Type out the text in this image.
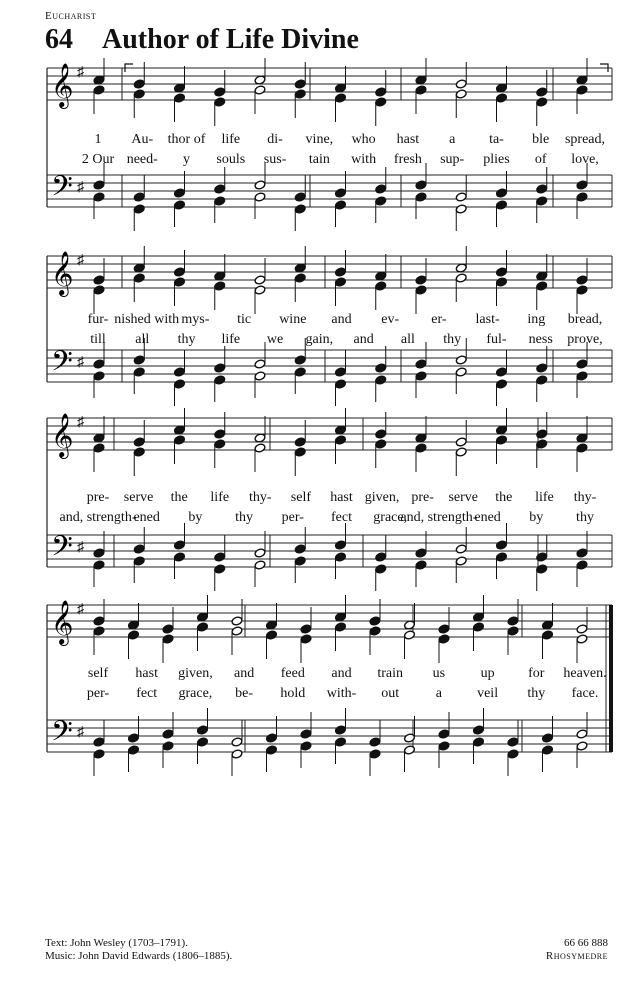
Eucharist
64 Author of Life Divine
𝄞
𝄢
♯
♯
𝄞
𝄢
♯
♯
𝄞
𝄢
♯
♯
𝄞
𝄢
♯
♯
1 Au- thor of life di- vine, who hast a ta- ble spread,
2 Our need- y souls sus- tain with fresh sup- plies of love,
fur- nished with mys- tic wine and ev- er- last- ing bread,
till all thy life we gain, and all thy ful- ness prove,
pre- serve the life thy- self hast given, pre- serve the life thy-
and, strength-
ened by thy per- fect grace,
and, strength-
ened by thy
self hast given, and feed and train us	up for heaven.
per- fect grace, be- hold with- out	a	veil thy face.
Text: John Wesley (1703–1791).
Music: John David Edwards (1806–1885).
66 66 888
Rhosymedre
